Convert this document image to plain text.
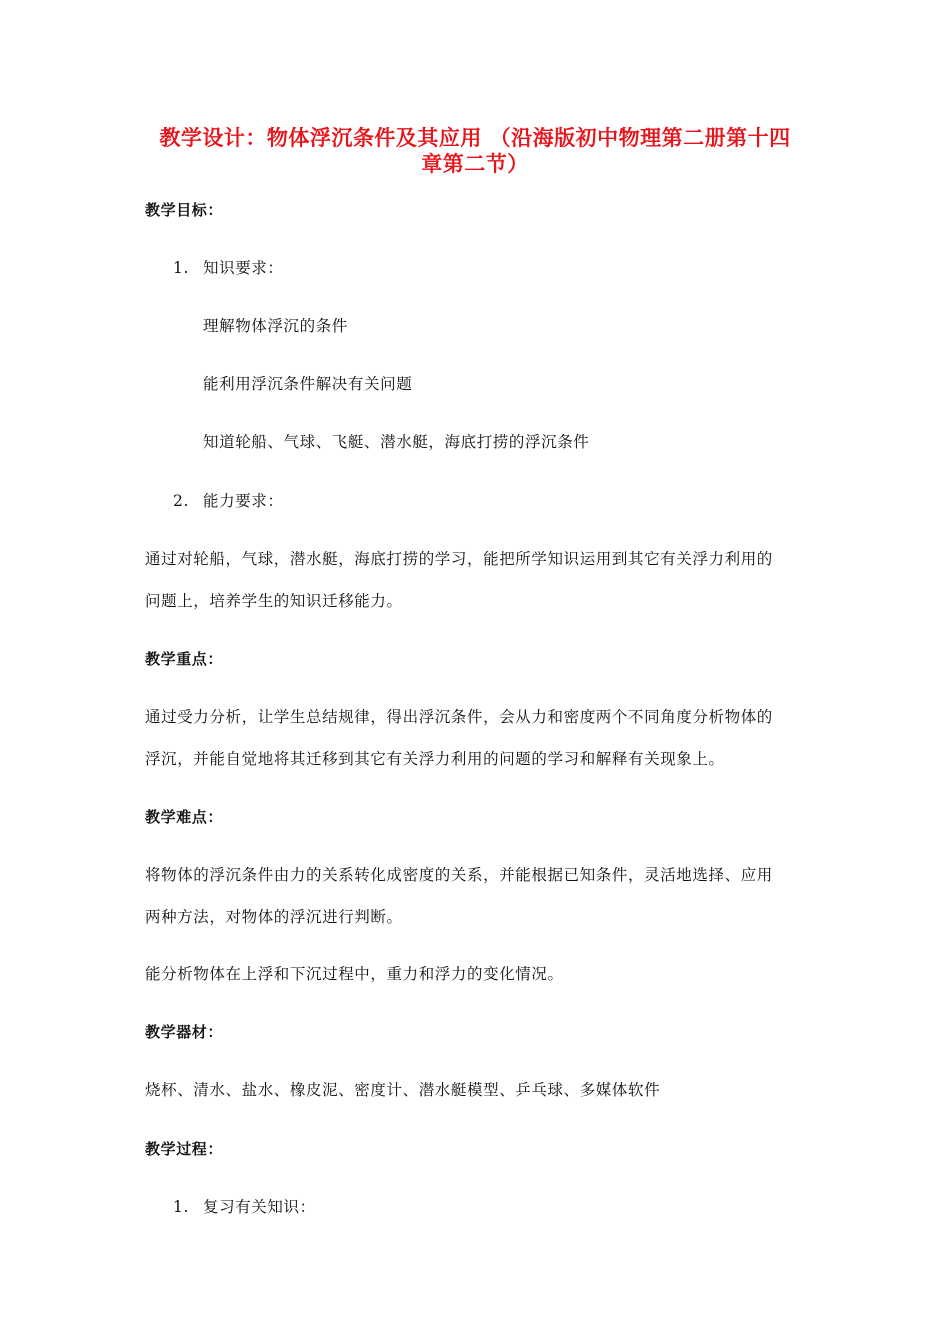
教学设计：物体浮沉条件及其应用 （沿海版初中物理第二册第十四
章第二节）
教学目标：
1. 知识要求：
理解物体浮沉的条件
能利用浮沉条件解决有关问题
知道轮船、气球、飞艇、潜水艇，海底打捞的浮沉条件
2. 能力要求：
通过对轮船，气球，潜水艇，海底打捞的学习，能把所学知识运用到其它有关浮力利用的
问题上，培养学生的知识迁移能力。
教学重点：
通过受力分析，让学生总结规律，得出浮沉条件，会从力和密度两个不同角度分析物体的
浮沉，并能自觉地将其迁移到其它有关浮力利用的问题的学习和解释有关现象上。
教学难点：
将物体的浮沉条件由力的关系转化成密度的关系，并能根据已知条件，灵活地选择、应用
两种方法，对物体的浮沉进行判断。
能分析物体在上浮和下沉过程中，重力和浮力的变化情况。
教学器材：
烧杯、清水、盐水、橡皮泥、密度计、潜水艇模型、乒乓球、多媒体软件
教学过程：
1. 复习有关知识：
